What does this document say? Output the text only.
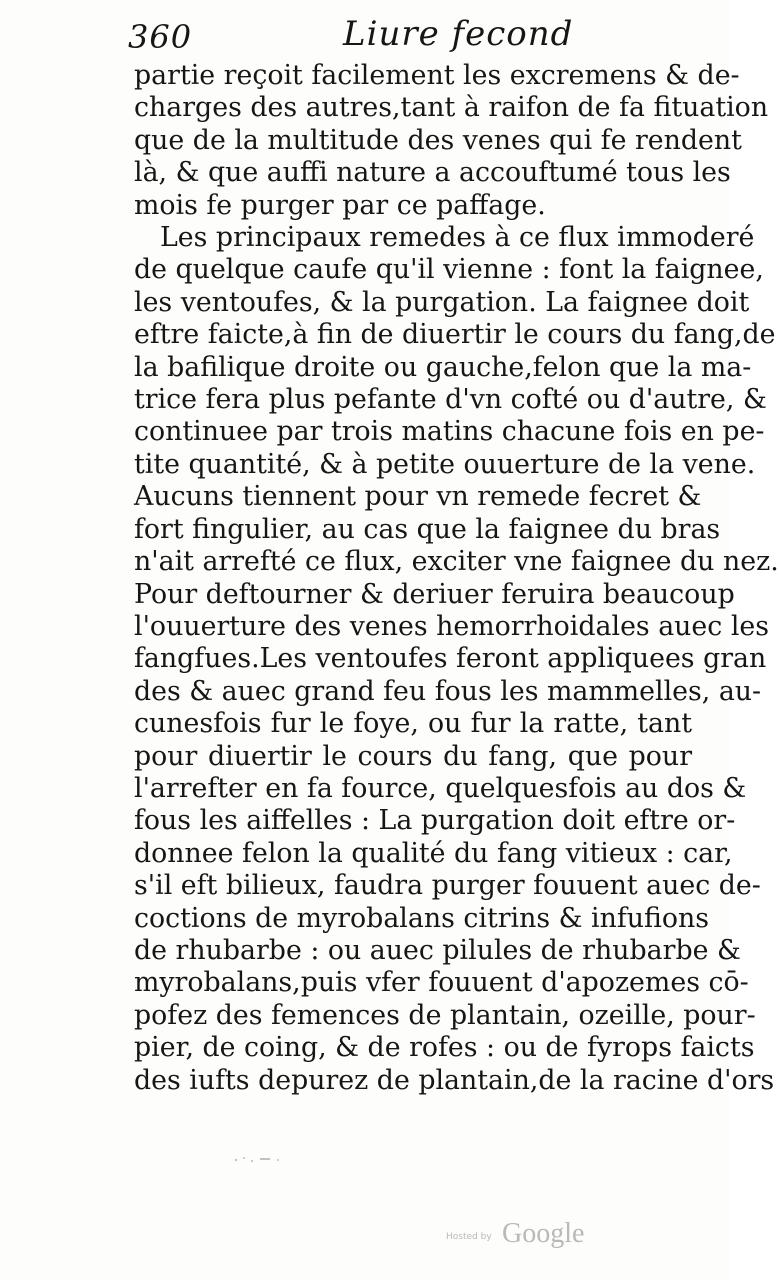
360	Liure fecond
partie reçoit facilement les excremens & de-
charges des autres,tant à raifon de fa fituation
que de la multitude des venes qui fe rendent
là, & que auffi nature a accouftumé tous les
mois fe purger par ce paffage.
Les principaux remedes à ce flux immoderé
de quelque caufe qu'il vienne : font la faignee,
les ventoufes, & la purgation. La faignee doit
eftre faicte,à fin de diuertir le cours du fang,de
la bafilique droite ou gauche,felon que la ma-
trice fera plus pefante d'vn cofté ou d'autre, &
continuee par trois matins chacune fois en pe-
tite quantité, & à petite ouuerture de la vene.
Aucuns tiennent pour vn remede fecret &
fort fingulier, au cas que la faignee du bras
n'ait arrefté ce flux, exciter vne faignee du nez.
Pour deftourner & deriuer feruira beaucoup
l'ouuerture des venes hemorrhoidales auec les
fangfues.Les ventoufes feront appliquees gran
des & auec grand feu fous les mammelles, au-
cunesfois fur le foye, ou fur la ratte, tant
pour diuertir le cours du fang, que pour
l'arrefter en fa fource, quelquesfois au dos &
fous les aiffelles : La purgation doit eftre or-
donnee felon la qualité du fang vitieux : car,
s'il eft bilieux, faudra purger fouuent auec de-
coctions de myrobalans citrins & infufions
de rhubarbe : ou auec pilules de rhubarbe &
myrobalans,puis vfer fouuent d'apozemes cō-
pofez des femences de plantain, ozeille, pour-
pier, de coing, & de rofes : ou de fyrops faicts
des iufts depurez de plantain,de la racine d'ors
Hosted by Google
